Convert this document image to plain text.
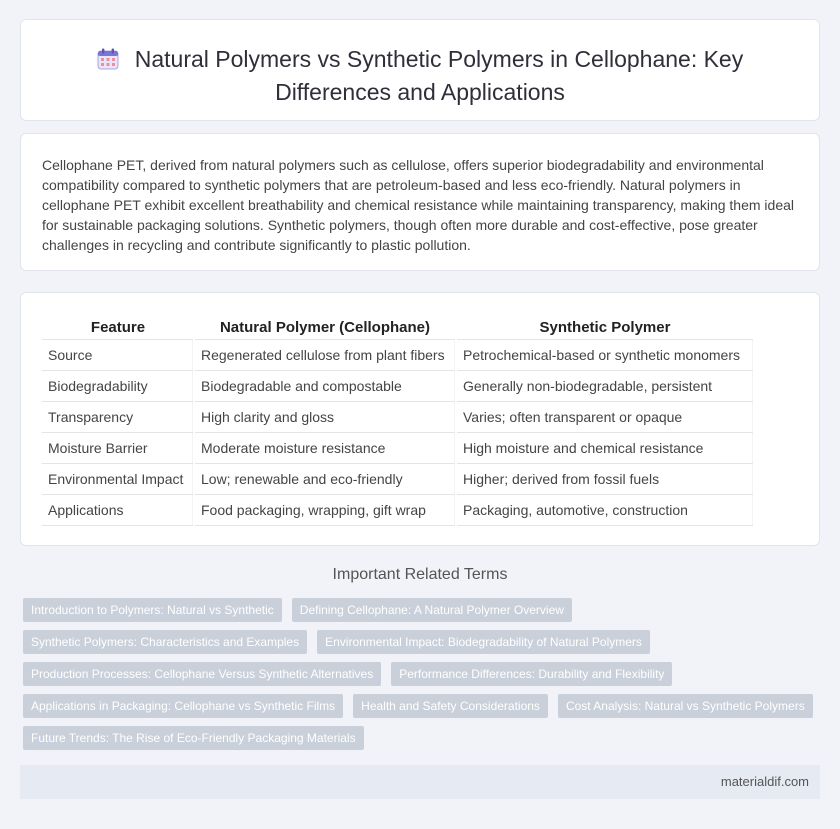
Natural Polymers vs Synthetic Polymers in Cellophane: Key
Differences and Applications

Cellophane PET, derived from natural polymers such as cellulose, offers superior biodegradability and environmental compatibility compared to synthetic polymers that are petroleum-based and less eco-friendly. Natural polymers in cellophane PET exhibit excellent breathability and chemical resistance while maintaining transparency, making them ideal for sustainable packaging solutions. Synthetic polymers, though often more durable and cost-effective, pose greater challenges in recycling and contribute significantly to plastic pollution.

Feature	Natural Polymer (Cellophane)	Synthetic Polymer
Source	Regenerated cellulose from plant fibers	Petrochemical-based or synthetic monomers
Biodegradability	Biodegradable and compostable	Generally non-biodegradable, persistent
Transparency	High clarity and gloss	Varies; often transparent or opaque
Moisture Barrier	Moderate moisture resistance	High moisture and chemical resistance
Environmental Impact	Low; renewable and eco-friendly	Higher; derived from fossil fuels
Applications	Food packaging, wrapping, gift wrap	Packaging, automotive, construction
Important Related Terms
Introduction to Polymers: Natural vs Synthetic Defining Cellophane: A Natural Polymer Overview
Synthetic Polymers: Characteristics and Examples Environmental Impact: Biodegradability of Natural Polymers
Production Processes: Cellophane Versus Synthetic Alternatives Performance Differences: Durability and Flexibility
Applications in Packaging: Cellophane vs Synthetic Films Health and Safety Considerations Cost Analysis: Natural vs Synthetic Polymers
Future Trends: The Rise of Eco-Friendly Packaging Materials
materialdif.com
